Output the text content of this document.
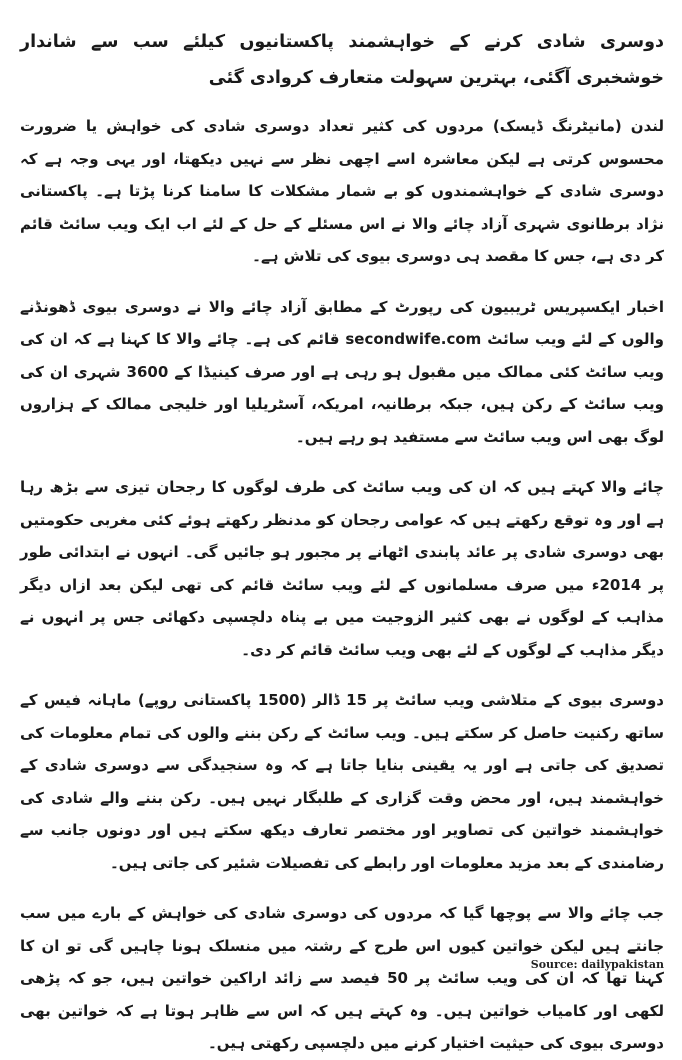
دوسری شادی کرنے کے خواہشمند پاکستانیوں کیلئے سب سے شاندار خوشخبری آگئی، بہترین سہولت متعارف کروادی گئی

لندن (مانیٹرنگ ڈیسک) مردوں کی کثیر تعداد دوسری شادی کی خواہش یا ضرورت محسوس کرتی ہے لیکن معاشرہ اسے اچھی نظر سے نہیں دیکھتا، اور یہی وجہ ہے کہ دوسری شادی کے خواہشمندوں کو بے شمار مشکلات کا سامنا کرنا پڑتا ہے۔ پاکستانی نژاد برطانوی شہری آزاد چائے والا نے اس مسئلے کے حل کے لئے اب ایک ویب سائٹ قائم کر دی ہے، جس کا مقصد ہی دوسری بیوی کی تلاش ہے۔

اخبار ایکسپریس ٹریبیون کی رپورٹ کے مطابق آزاد چائے والا نے دوسری بیوی ڈھونڈنے والوں کے لئے ویب سائٹ secondwife.com قائم کی ہے۔ چائے والا کا کہنا ہے کہ ان کی ویب سائٹ کئی ممالک میں مقبول ہو رہی ہے اور صرف کینیڈا کے 3600 شہری ان کی ویب سائٹ کے رکن ہیں، جبکہ برطانیہ، امریکہ، آسٹریلیا اور خلیجی ممالک کے ہزاروں لوگ بھی اس ویب سائٹ سے مستفید ہو رہے ہیں۔

چائے والا کہتے ہیں کہ ان کی ویب سائٹ کی طرف لوگوں کا رجحان تیزی سے بڑھ رہا ہے اور وہ توقع رکھتے ہیں کہ عوامی رجحان کو مدنظر رکھتے ہوئے کئی مغربی حکومتیں بھی دوسری شادی پر عائد پابندی اٹھانے پر مجبور ہو جائیں گی۔ انہوں نے ابتدائی طور پر 2014ء میں صرف مسلمانوں کے لئے ویب سائٹ قائم کی تھی لیکن بعد ازاں دیگر مذاہب کے لوگوں نے بھی کثیر الزوجیت میں بے پناہ دلچسپی دکھائی جس پر انہوں نے دیگر مذاہب کے لوگوں کے لئے بھی ویب سائٹ قائم کر دی۔

دوسری بیوی کے متلاشی ویب سائٹ پر 15 ڈالر (1500 پاکستانی روپے) ماہانہ فیس کے ساتھ رکنیت حاصل کر سکتے ہیں۔ ویب سائٹ کے رکن بننے والوں کی تمام معلومات کی تصدیق کی جاتی ہے اور یہ یقینی بنایا جاتا ہے کہ وہ سنجیدگی سے دوسری شادی کے خواہشمند ہیں، اور محض وقت گزاری کے طلبگار نہیں ہیں۔ رکن بننے والے شادی کی خواہشمند خواتین کی تصاویر اور مختصر تعارف دیکھ سکتے ہیں اور دونوں جانب سے رضامندی کے بعد مزید معلومات اور رابطے کی تفصیلات شئیر کی جاتی ہیں۔

جب چائے والا سے پوچھا گیا کہ مردوں کی دوسری شادی کی خواہش کے بارے میں سب جانتے ہیں لیکن خواتین کیوں اس طرح کے رشتہ میں منسلک ہونا چاہیں گی تو ان کا کہنا تھا کہ ان کی ویب سائٹ پر 50 فیصد سے زائد اراکین خواتین ہیں، جو کہ پڑھی لکھی اور کامیاب خواتین ہیں۔ وہ کہتے ہیں کہ اس سے ظاہر ہوتا ہے کہ خواتین بھی دوسری بیوی کی حیثیت اختیار کرنے میں دلچسپی رکھتی ہیں۔

Source: dailypakistan
